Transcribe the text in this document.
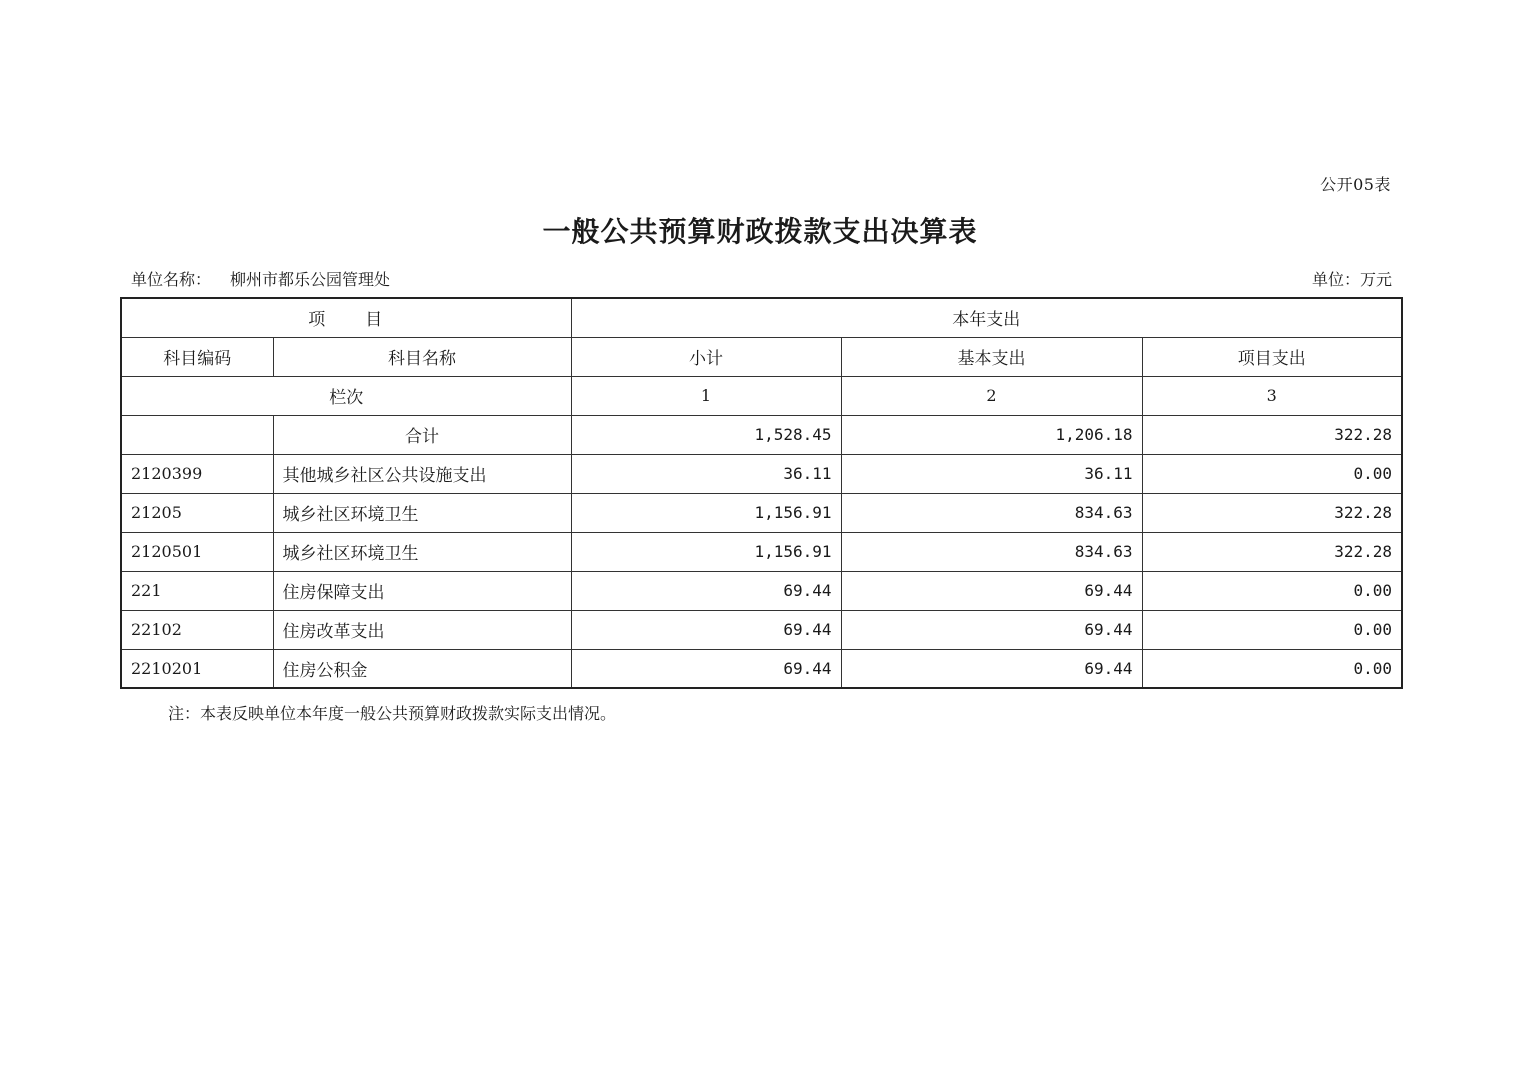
公开05表
一般公共预算财政拨款支出决算表
单位名称： 柳州市都乐公园管理处	单位：万元
项　　目		本年支出		
科目编码	科目名称	小计	基本支出	项目支出
栏次		1	2	3
	合计	1,528.45	1,206.18	322.28
2120399	其他城乡社区公共设施支出	36.11	36.11	0.00
21205	城乡社区环境卫生	1,156.91	834.63	322.28
2120501	城乡社区环境卫生	1,156.91	834.63	322.28
221	住房保障支出	69.44	69.44	0.00
22102	住房改革支出	69.44	69.44	0.00
2210201	住房公积金	69.44	69.44	0.00
注：本表反映单位本年度一般公共预算财政拨款实际支出情况。
